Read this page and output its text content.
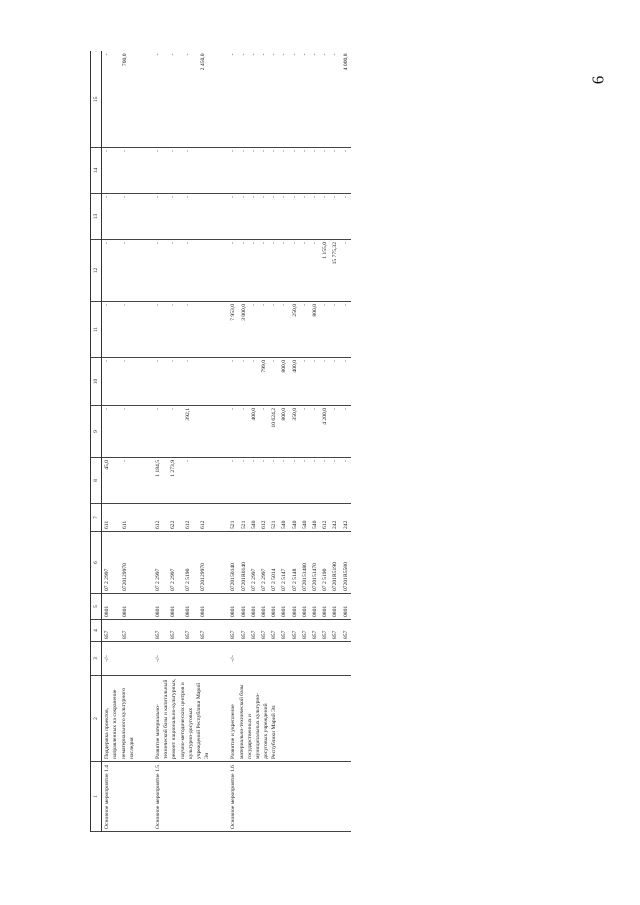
6
1	2	3	4	5	6	7	8	9	10	11	12	13	14	15
Основное мероприятие 1.4	Поддержка проектов, направленных на сохранение нематериального культурного наследия	-//-	857	0801	07 2 2997	611	45,0	-	-	-	-	-	-	-
			857	0801	0720129970	611	-	-	-	-	-	-	-	700,0

Основное мероприятие 1.5	Развитие материально-технической базы и капитальный ремонт национально-культурных, научно-методических центров и культурно-досуговых учреждений Республики Марий Эл	-//-	857	0801	07 2 2997	612	1 184,5	-	-	-	-	-	-	-
			857	0801	07 2 2997	622	1 273,9	-	-	-	-	-	-	-
			857	0801	07 2 5190	612	-	392,1	-	-	-	-	-	-
			857	0801	0720129970	612								2 450,0

Основное мероприятие 1.6	Развитие и укрепление материально-технической базы государственных и муниципальных культурно-досуговых учреждений Республики Марий Эл	-//-	857	0801	0720150140	521	-	-	-	7 953,0	-	-	-	-
			857	0801	07201R0140	521	-	-	-	3 000,0	-	-	-	-
			857	0801	07 2 2997	540	-	400,0	-	-	-	-	-	-
			857	0801	07 2 2997	612	-	-	799,0	-	-	-	-	-
			857	0801	07 2 5014	521	-	10 624,2	-	-	-	-	-	-
			857	0801	07 2 5147	540	-	800,0	800,0	-	-	-	-	-
			857	0801	07 2 5148	540	-	350,0	400,0	250,0	-	-	-	-
			857	0801	0720151480	540	-	-	-	-	-	-	-	-
			857	0801	0720151470	540	-	-	-	800,0	-	-	-	-
			857	0801	07 2 5190	612	-	4 200,0	-	-	1 155,0	-	-	-
			857	0801	07201R5190	242	-	-	-	-	15 775,32	-	-	-
			857	0801	07201R5580	242	-	-	-	-	-	-	-	4 000,8
